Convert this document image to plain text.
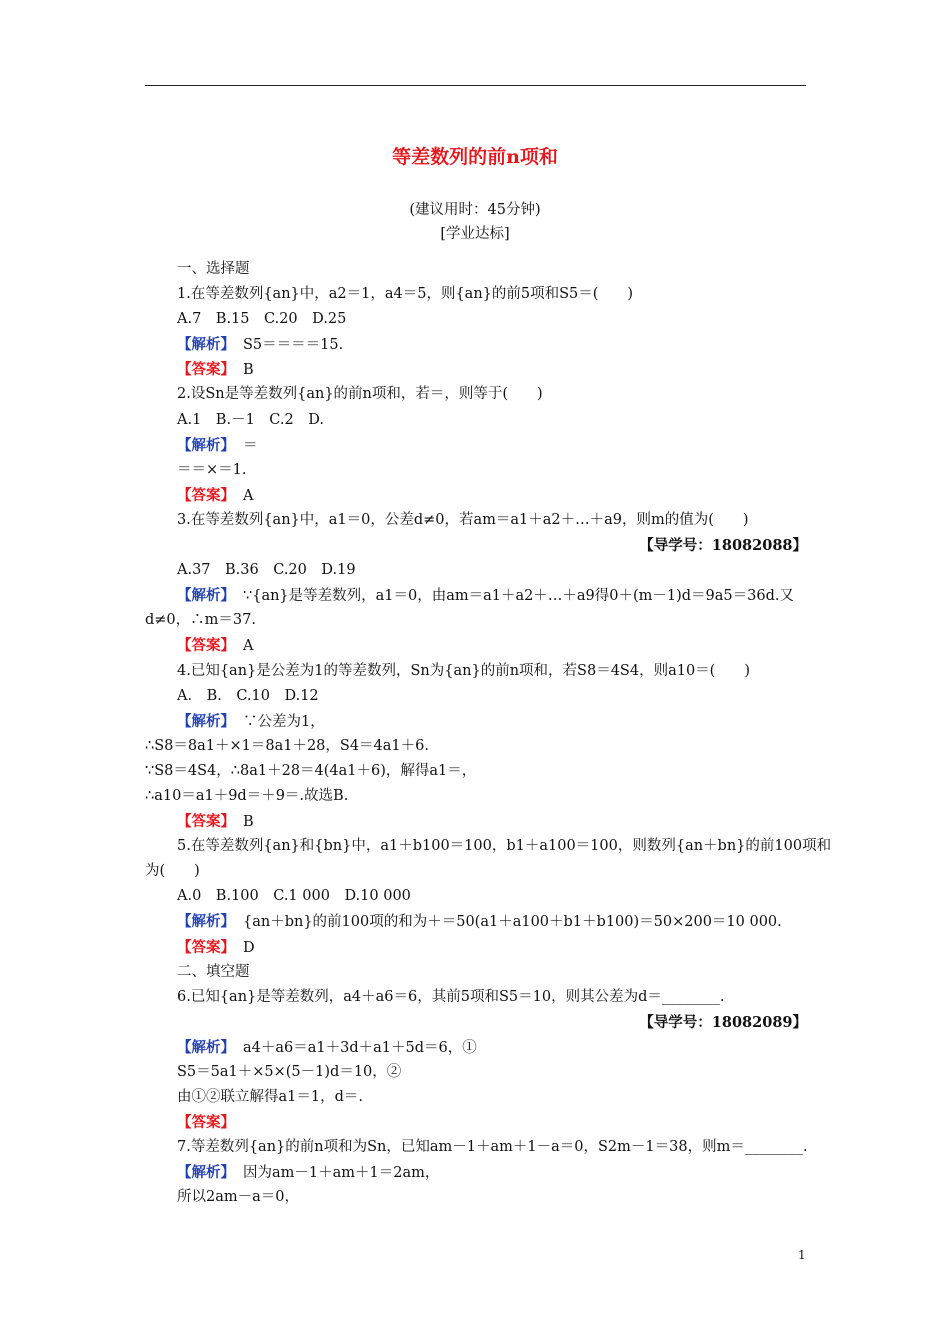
等差数列的前n项和
(建议用时：45分钟)
[学业达标]
一、选择题
1.在等差数列{an}中，a2＝1，a4＝5，则{an}的前5项和S5＝(　　)
A.7　B.15　C.20　D.25
【解析】 S5＝＝＝＝15.
【答案】 B
2.设Sn是等差数列{an}的前n项和，若＝，则等于(　　)
A.1　B.－1　C.2　D.
【解析】 ＝
＝＝×＝1.
【答案】 A
3.在等差数列{an}中，a1＝0，公差d≠0，若am＝a1＋a2＋…＋a9，则m的值为(　　)
【导学号：18082088】
A.37　B.36　C.20　D.19
【解析】 ∵{an}是等差数列，a1＝0，由am＝a1＋a2＋…＋a9得0＋(m－1)d＝9a5＝36d.又
d≠0，∴m＝37.
【答案】 A
4.已知{an}是公差为1的等差数列，Sn为{an}的前n项和，若S8＝4S4，则a10＝(　　)
A.　B.　C.10　D.12
【解析】 ∵公差为1，
∴S8＝8a1＋×1＝8a1＋28，S4＝4a1＋6.
∵S8＝4S4，∴8a1＋28＝4(4a1＋6)，解得a1＝，
∴a10＝a1＋9d＝＋9＝.故选B.
【答案】 B
5.在等差数列{an}和{bn}中，a1＋b100＝100，b1＋a100＝100，则数列{an＋bn}的前100项和
为(　　)
A.0　B.100　C.1 000　D.10 000
【解析】 {an＋bn}的前100项的和为＋＝50(a1＋a100＋b1＋b100)＝50×200＝10 000.
【答案】 D
二、填空题
6.已知{an}是等差数列，a4＋a6＝6，其前5项和S5＝10，则其公差为d＝________.
【导学号：18082089】
【解析】 a4＋a6＝a1＋3d＋a1＋5d＝6，①
S5＝5a1＋×5×(5－1)d＝10，②
由①②联立解得a1＝1，d＝.
【答案】
7.等差数列{an}的前n项和为Sn，已知am－1＋am＋1－a＝0，S2m－1＝38，则m＝________.
【解析】 因为am－1＋am＋1＝2am，
所以2am－a＝0，
1
